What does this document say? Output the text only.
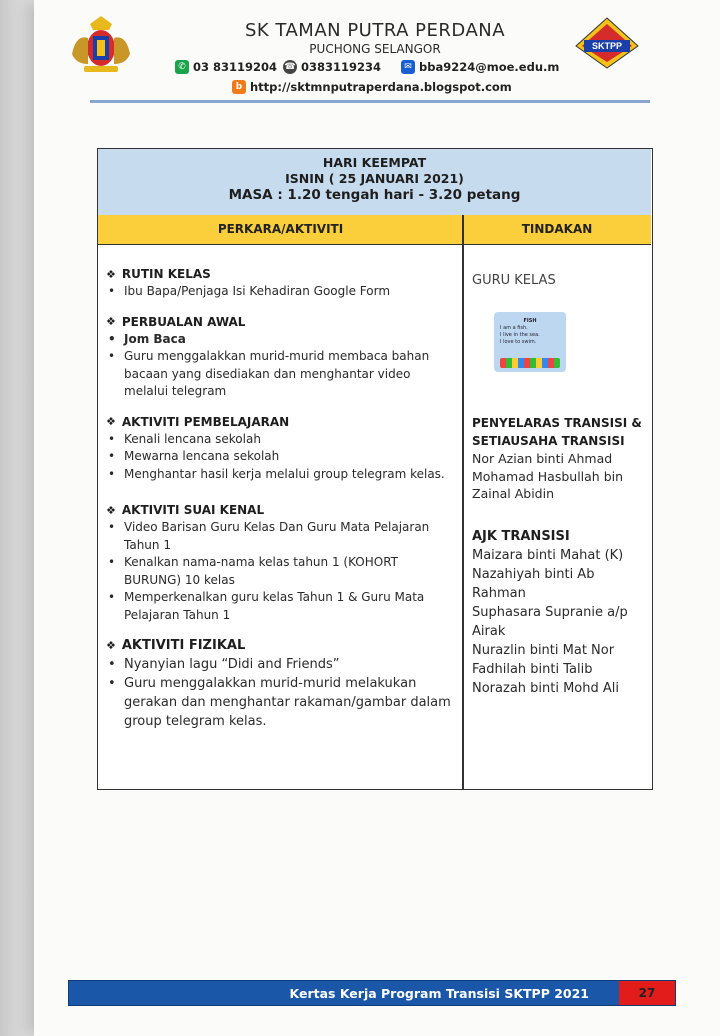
SK TAMAN PUTRA PERDANA
PUCHONG SELANGOR
✆ 03 83119204 ☎ 0383119234	✉ bba9224@moe.edu.m
b http://sktmnputraperdana.blogspot.com
SKTPP
HARI KEEMPAT
ISNIN ( 25 JANUARI 2021)
MASA : 1.20 tengah hari - 3.20 petang
PERKARA/AKTIVITI	TINDAKAN
❖ RUTIN KELAS
• Ibu Bapa/Penjaga Isi Kehadiran Google Form
❖ PERBUALAN AWAL
• Jom Baca
• Guru menggalakkan murid-murid membaca bahan bacaan yang disediakan dan menghantar video melalui telegram
❖ AKTIVITI PEMBELAJARAN
• Kenali lencana sekolah
• Mewarna lencana sekolah
• Menghantar hasil kerja melalui group telegram kelas.
❖ AKTIVITI SUAI KENAL
• Video Barisan Guru Kelas Dan Guru Mata Pelajaran Tahun 1
• Kenalkan nama-nama kelas tahun 1 (KOHORT BURUNG) 10 kelas
• Memperkenalkan guru kelas Tahun 1 & Guru Mata Pelajaran Tahun 1
❖ AKTIVITI FIZIKAL
• Nyanyian lagu “Didi and Friends”
• Guru menggalakkan murid-murid melakukan gerakan dan menghantar rakaman/gambar dalam group telegram kelas.
GURU KELAS
FISH
I am a fish.
I live in the sea.
I love to swim.
PENYELARAS TRANSISI & SETIAUSAHA TRANSISI
Nor Azian binti Ahmad
Mohamad Hasbullah bin Zainal Abidin
AJK TRANSISI
Maizara binti Mahat (K)
Nazahiyah binti Ab Rahman
Suphasara Supranie a/p Airak
Nurazlin binti Mat Nor
Fadhilah binti Talib
Norazah binti Mohd Ali
Kertas Kerja Program Transisi SKTPP 2021	27
